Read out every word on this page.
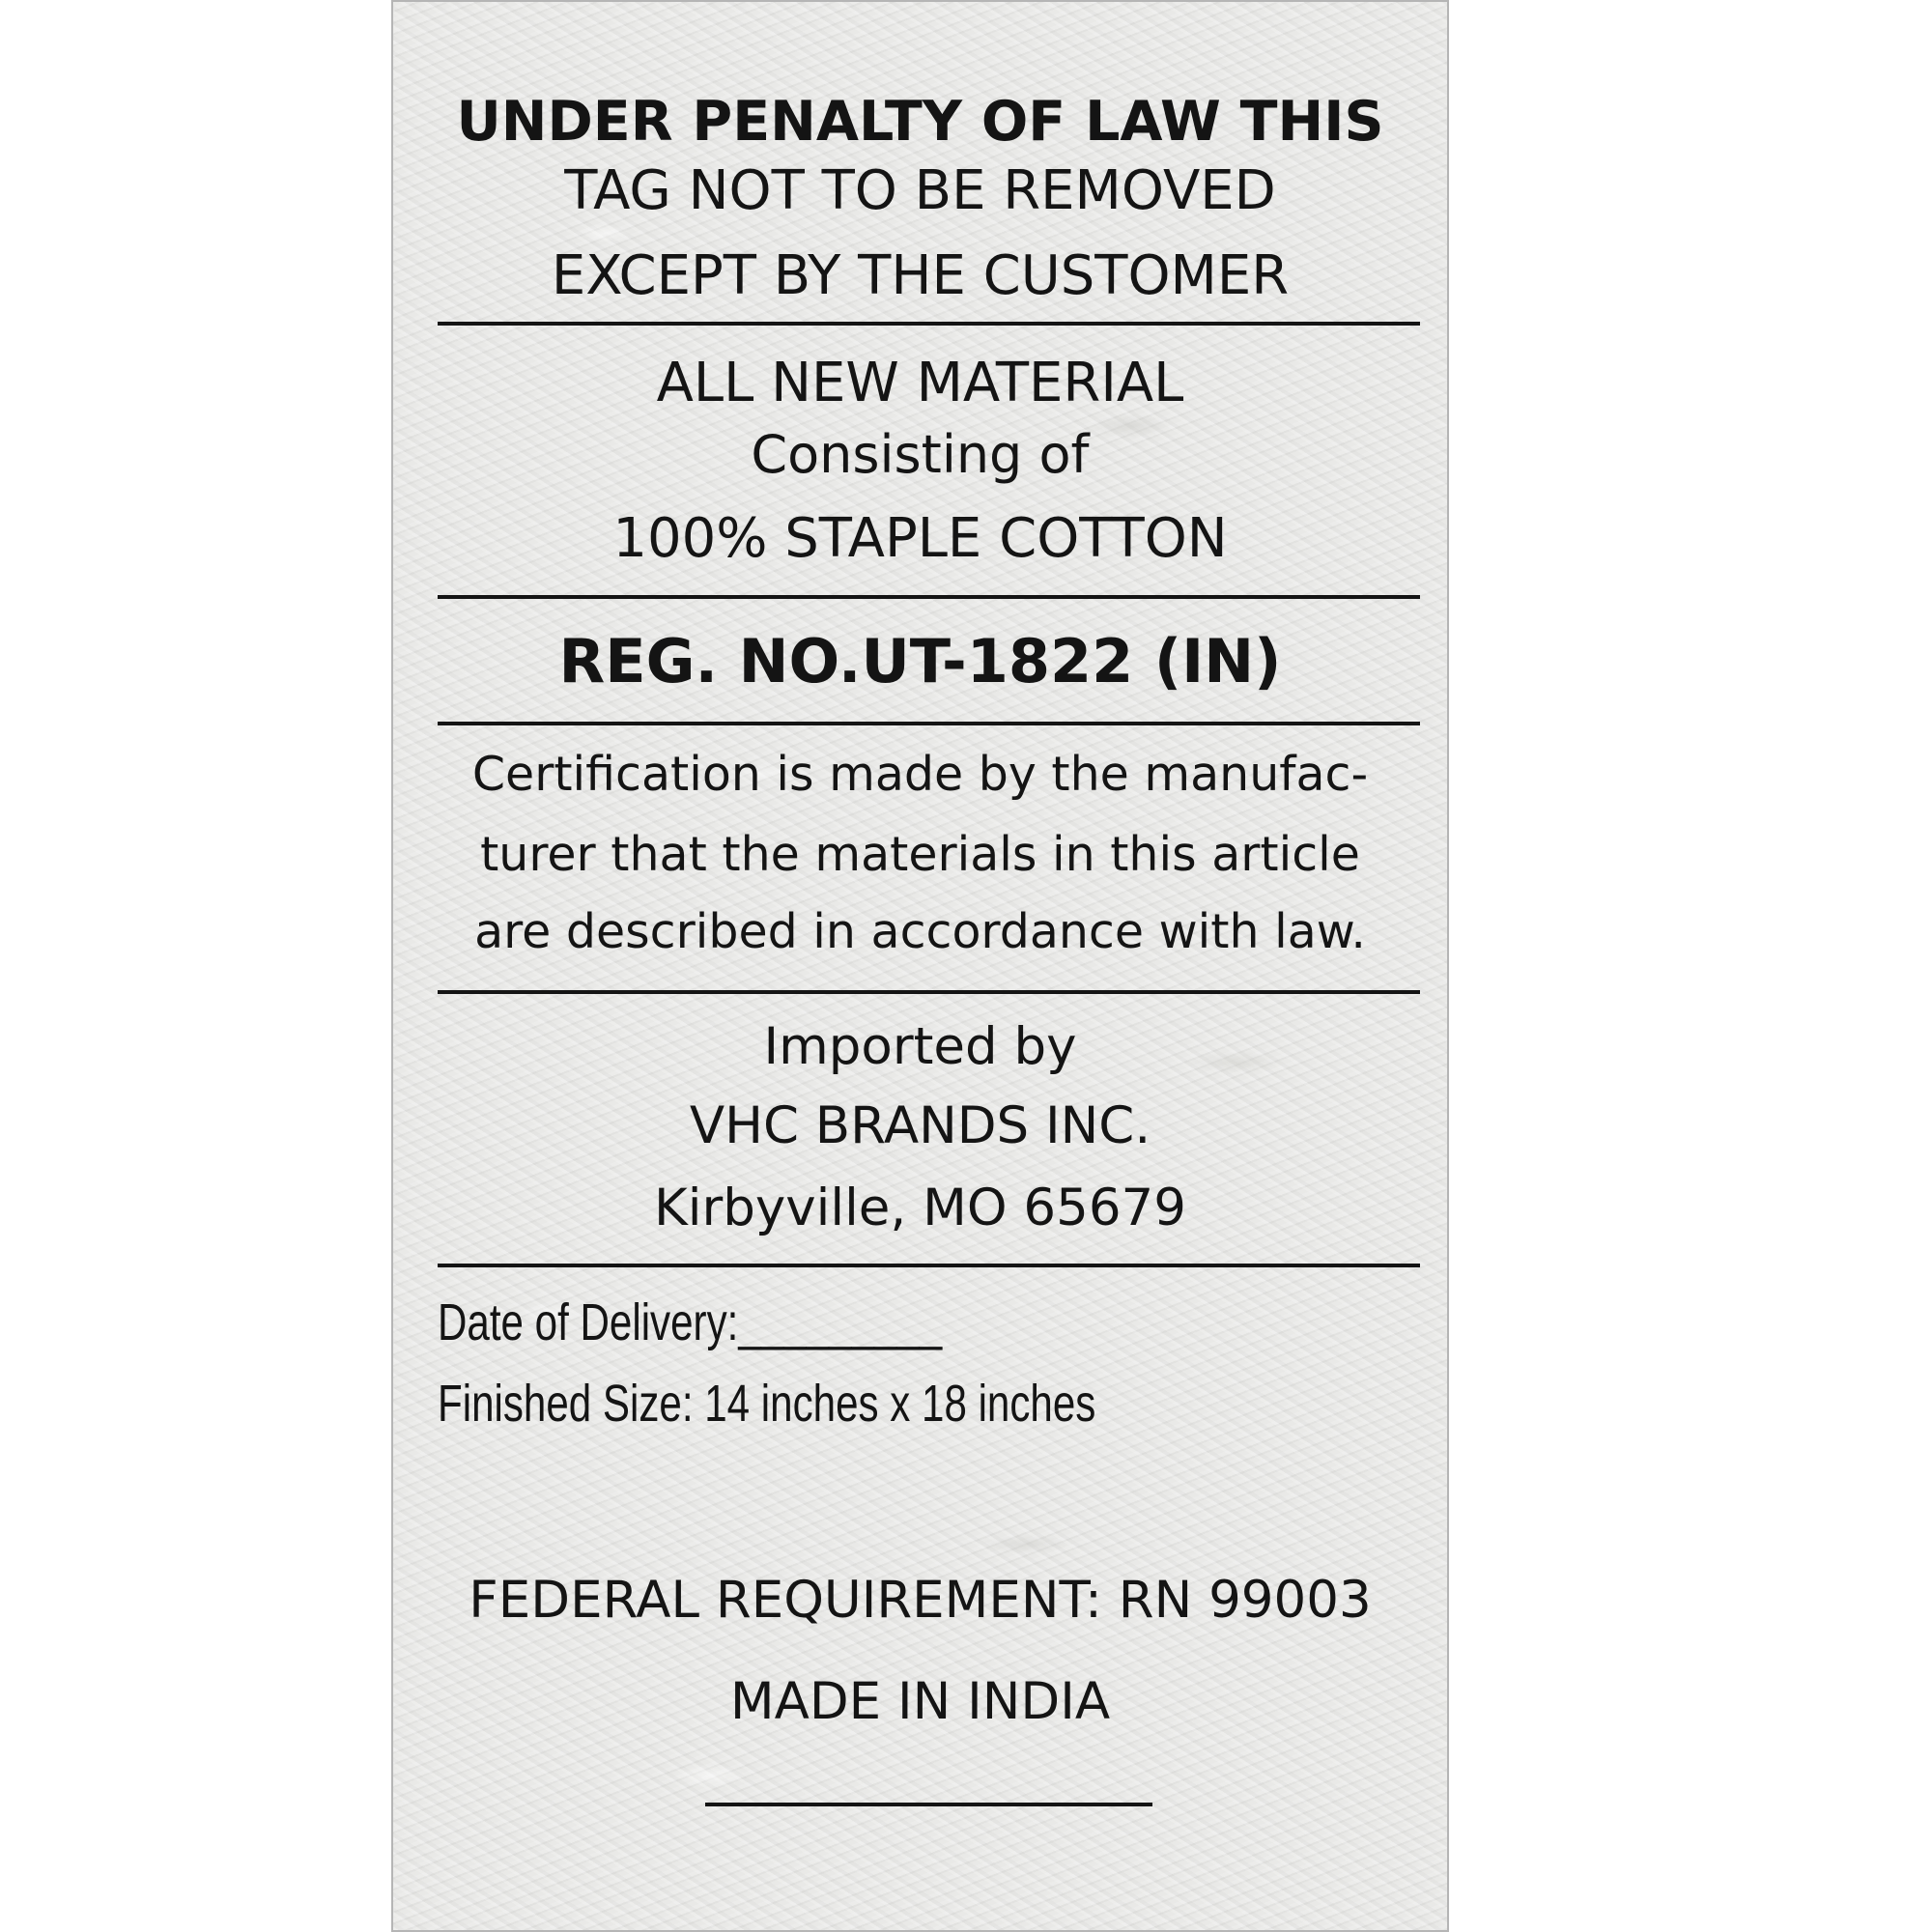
UNDER PENALTY OF LAW THIS
TAG NOT TO BE REMOVED
EXCEPT BY THE CUSTOMER
ALL NEW MATERIAL
Consisting of
100% STAPLE COTTON
REG. NO.UT-1822 (IN)
Certification is made by the manufac-
turer that the materials in this article
are described in accordance with law.
Imported by
VHC BRANDS INC.
Kirbyville, MO 65679
Date of Delivery:_________
Finished Size: 14 inches x 18 inches
FEDERAL REQUIREMENT: RN 99003
MADE IN INDIA
